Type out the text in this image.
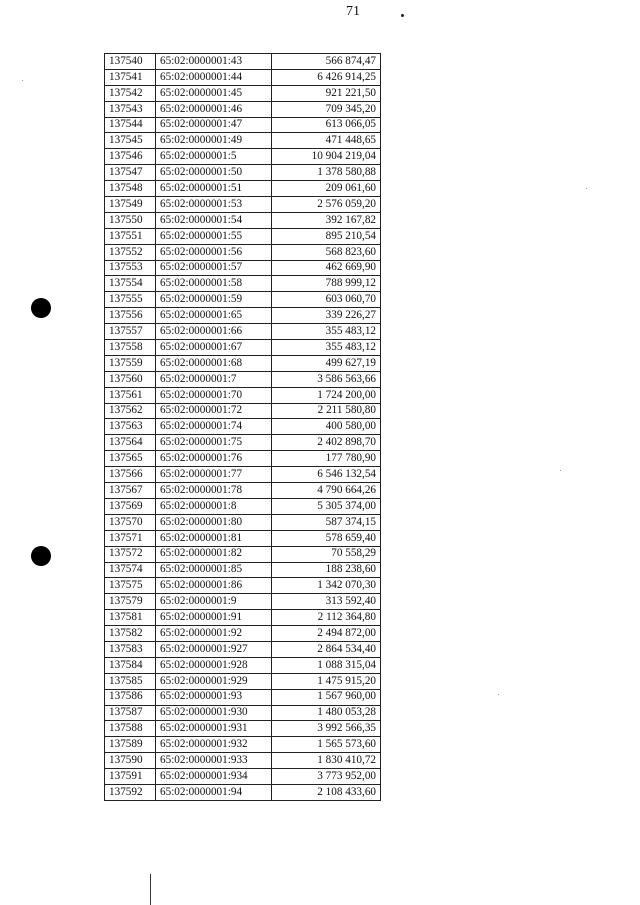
71
137540	65:02:0000001:43	566 874,47
137541	65:02:0000001:44	6 426 914,25
137542	65:02:0000001:45	921 221,50
137543	65:02:0000001:46	709 345,20
137544	65:02:0000001:47	613 066,05
137545	65:02:0000001:49	471 448,65
137546	65:02:0000001:5	10 904 219,04
137547	65:02:0000001:50	1 378 580,88
137548	65:02:0000001:51	209 061,60
137549	65:02:0000001:53	2 576 059,20
137550	65:02:0000001:54	392 167,82
137551	65:02:0000001:55	895 210,54
137552	65:02:0000001:56	568 823,60
137553	65:02:0000001:57	462 669,90
137554	65:02:0000001:58	788 999,12
137555	65:02:0000001:59	603 060,70
137556	65:02:0000001:65	339 226,27
137557	65:02:0000001:66	355 483,12
137558	65:02:0000001:67	355 483,12
137559	65:02:0000001:68	499 627,19
137560	65:02:0000001:7	3 586 563,66
137561	65:02:0000001:70	1 724 200,00
137562	65:02:0000001:72	2 211 580,80
137563	65:02:0000001:74	400 580,00
137564	65:02:0000001:75	2 402 898,70
137565	65:02:0000001:76	177 780,90
137566	65:02:0000001:77	6 546 132,54
137567	65:02:0000001:78	4 790 664,26
137569	65:02:0000001:8	5 305 374,00
137570	65:02:0000001:80	587 374,15
137571	65:02:0000001:81	578 659,40
137572	65:02:0000001:82	70 558,29
137574	65:02:0000001:85	188 238,60
137575	65:02:0000001:86	1 342 070,30
137579	65:02:0000001:9	313 592,40
137581	65:02:0000001:91	2 112 364,80
137582	65:02:0000001:92	2 494 872,00
137583	65:02:0000001:927	2 864 534,40
137584	65:02:0000001:928	1 088 315,04
137585	65:02:0000001:929	1 475 915,20
137586	65:02:0000001:93	1 567 960,00
137587	65:02:0000001:930	1 480 053,28
137588	65:02:0000001:931	3 992 566,35
137589	65:02:0000001:932	1 565 573,60
137590	65:02:0000001:933	1 830 410,72
137591	65:02:0000001:934	3 773 952,00
137592	65:02:0000001:94	2 108 433,60
